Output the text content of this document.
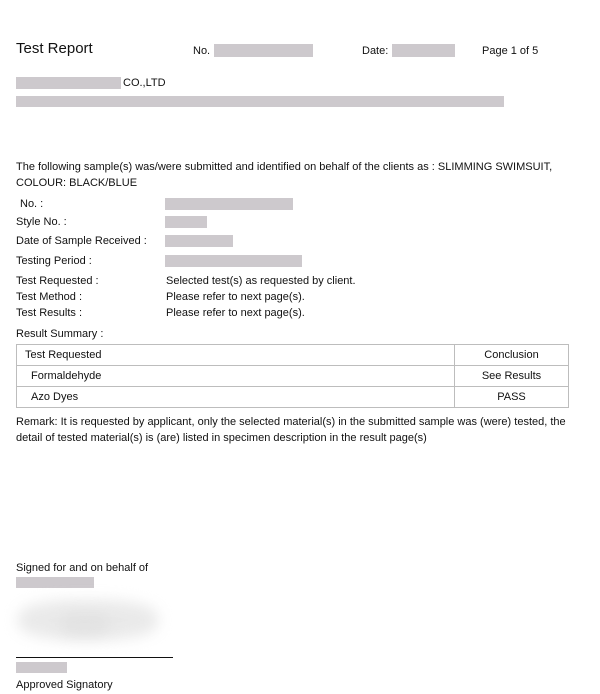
Test Report	No.	Date:	Page 1 of 5
CO.,LTD
The following sample(s) was/were submitted and identified on behalf of the clients as : SLIMMING SWIMSUIT,
COLOUR: BLACK/BLUE
No. :
Style No. :
Date of Sample Received :
Testing Period :
Test Requested :	Selected test(s) as requested by client.
Test Method :	Please refer to next page(s).
Test Results :	Please refer to next page(s).
Result Summary :
Test Requested	Conclusion
Formaldehyde	See Results
Azo Dyes	PASS
Remark: It is requested by applicant, only the selected material(s) in the submitted sample was (were) tested, the
detail of tested material(s) is (are) listed in specimen description in the result page(s)
Signed for and on behalf of
Approved Signatory
